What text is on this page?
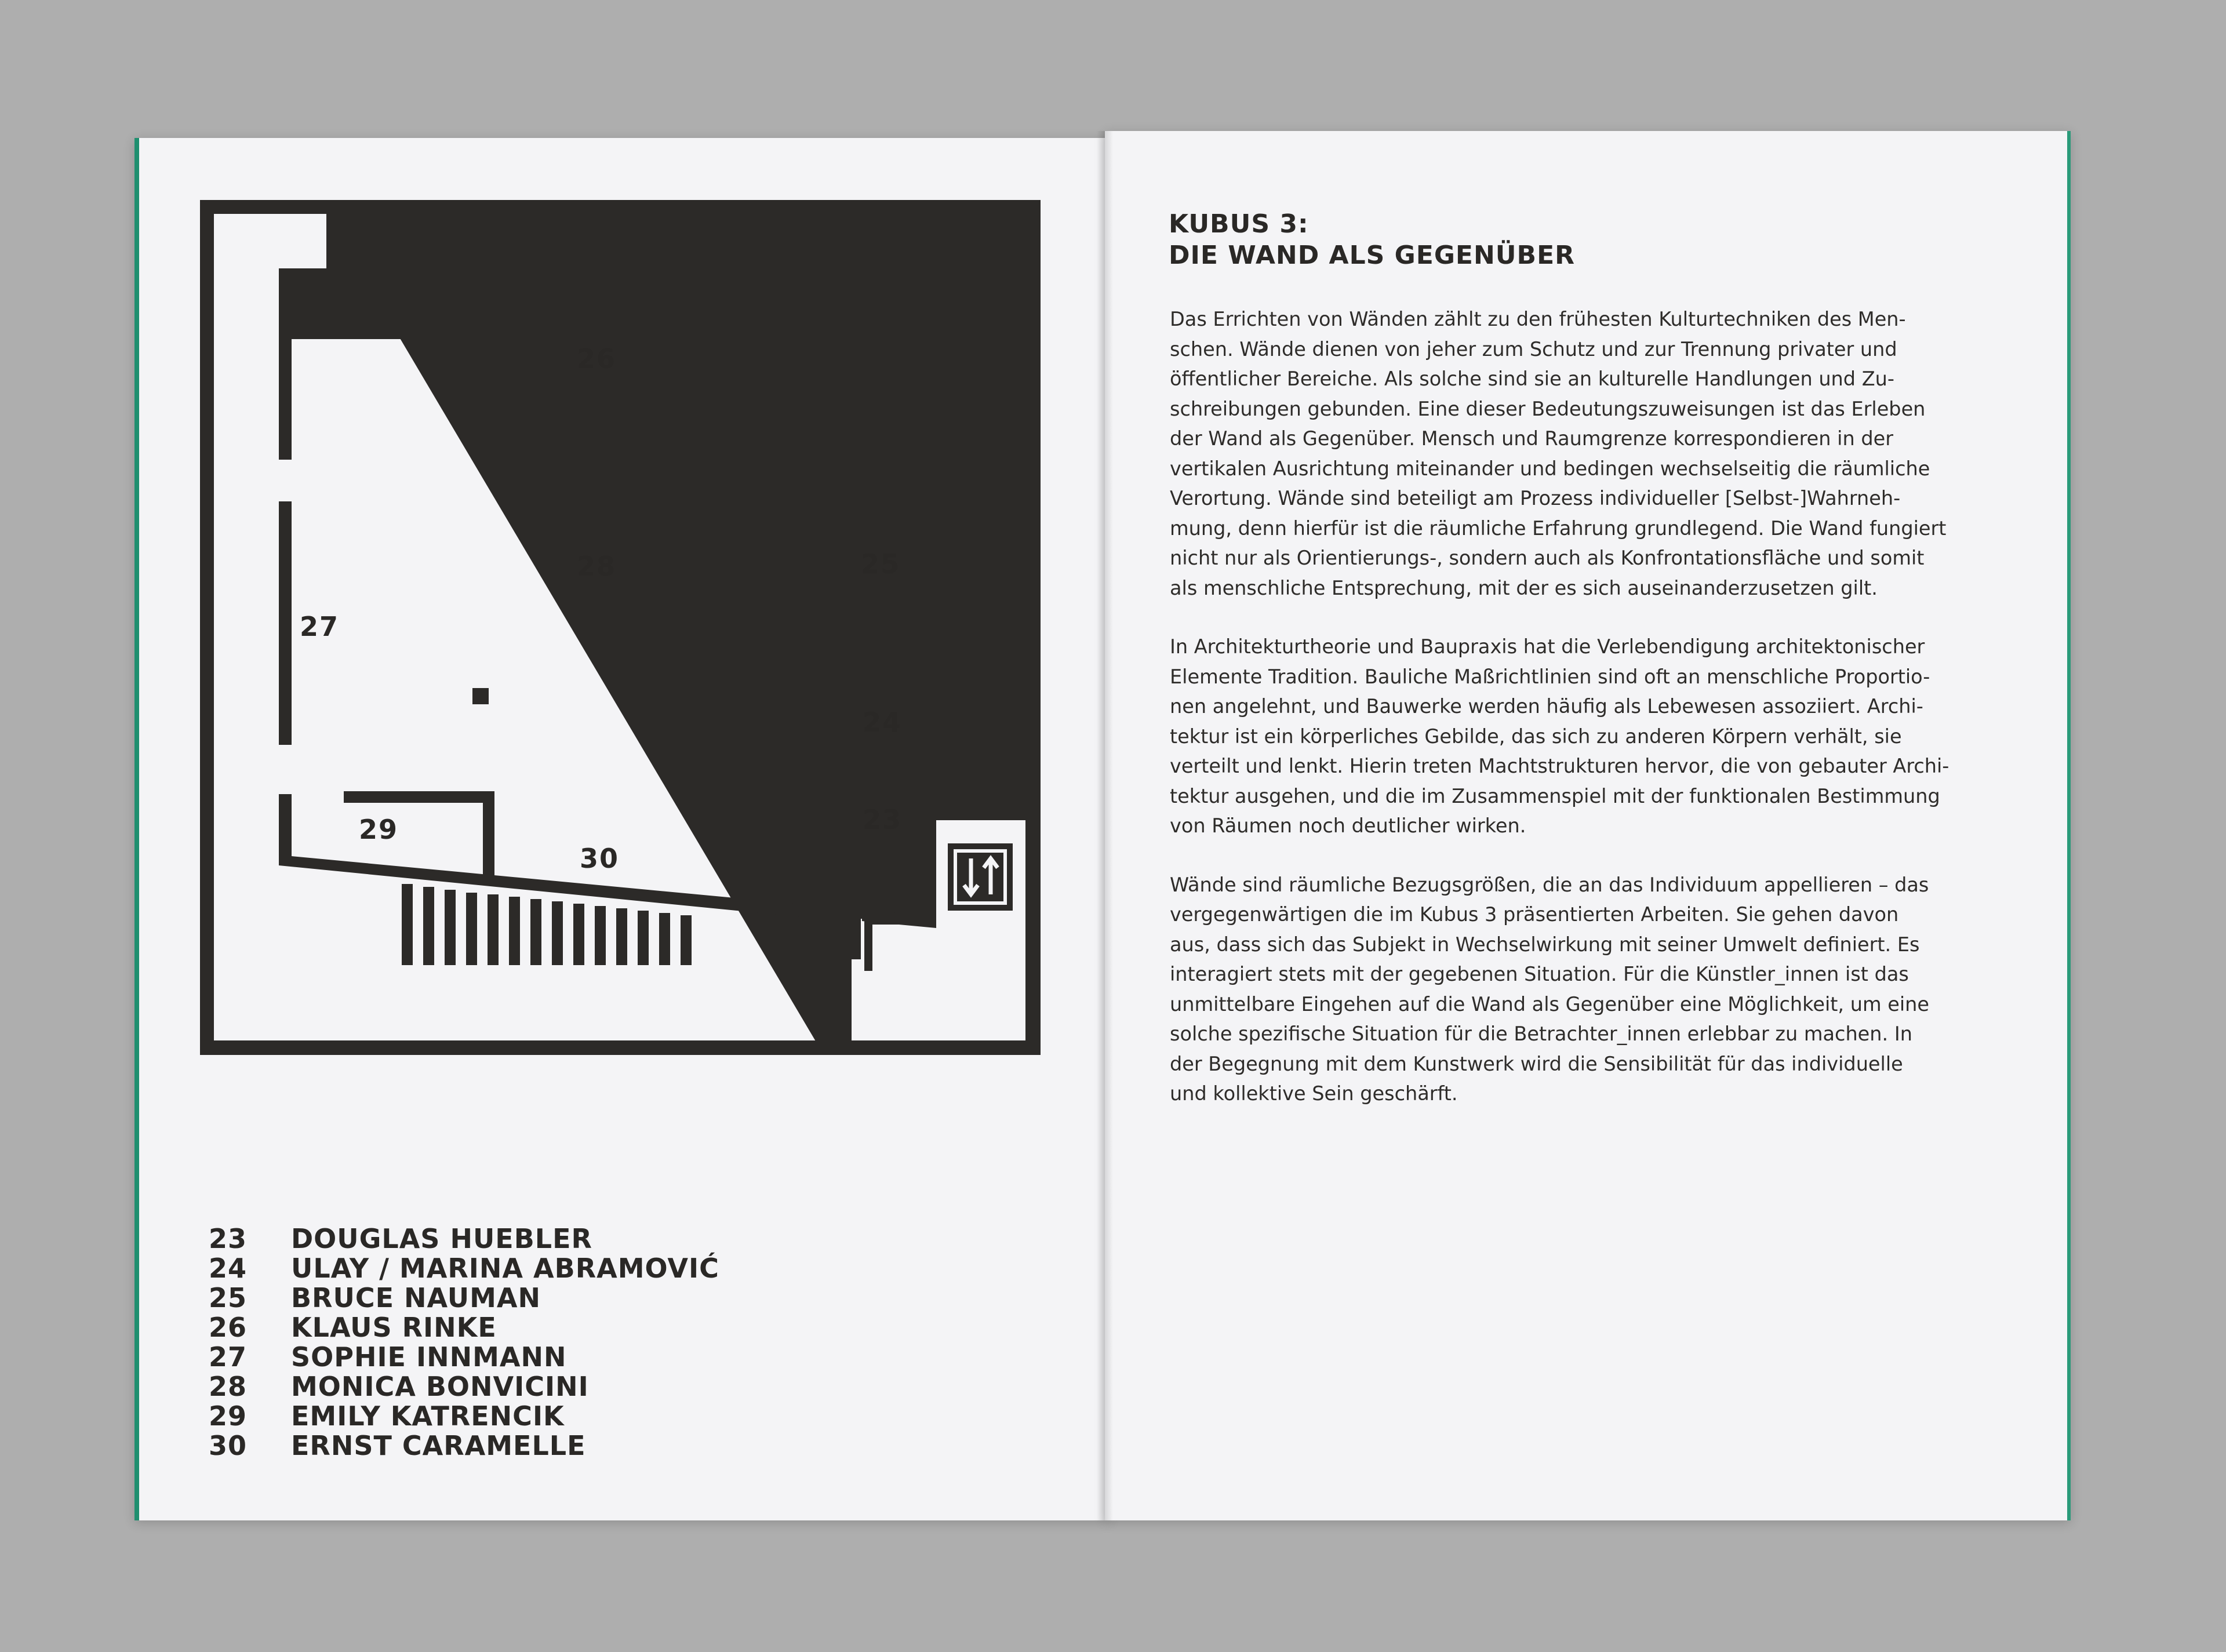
26
28	25
27
24
23
29
30
23	DOUGLAS HUEBLER
24	ULAY / MARINA ABRAMOVIĆ
25	BRUCE NAUMAN
26	KLAUS RINKE
27	SOPHIE INNMANN
28	MONICA BONVICINI
29	EMILY KATRENCIK
30	ERNST CARAMELLE
KUBUS 3:
DIE WAND ALS GEGENÜBER

Das Errichten von Wänden zählt zu den frühesten Kulturtechniken des Men-
schen. Wände dienen von jeher zum Schutz und zur Trennung privater und
öffentlicher Bereiche. Als solche sind sie an kulturelle Handlungen und Zu-
schreibungen gebunden. Eine dieser Bedeutungszuweisungen ist das Erleben
der Wand als Gegenüber. Mensch und Raumgrenze korrespondieren in der
vertikalen Ausrichtung miteinander und bedingen wechselseitig die räumliche
Verortung. Wände sind beteiligt am Prozess individueller [Selbst-]Wahrneh-
mung, denn hierfür ist die räumliche Erfahrung grundlegend. Die Wand fungiert
nicht nur als Orientierungs-, sondern auch als Konfrontationsfläche und somit
als menschliche Entsprechung, mit der es sich auseinanderzusetzen gilt.

In Architekturtheorie und Baupraxis hat die Verlebendigung architektonischer
Elemente Tradition. Bauliche Maßrichtlinien sind oft an menschliche Proportio-
nen angelehnt, und Bauwerke werden häufig als Lebewesen assoziiert. Archi-
tektur ist ein körperliches Gebilde, das sich zu anderen Körpern verhält, sie
verteilt und lenkt. Hierin treten Machtstrukturen hervor, die von gebauter Archi-
tektur ausgehen, und die im Zusammenspiel mit der funktionalen Bestimmung
von Räumen noch deutlicher wirken.

Wände sind räumliche Bezugsgrößen, die an das Individuum appellieren – das
vergegenwärtigen die im Kubus 3 präsentierten Arbeiten. Sie gehen davon
aus, dass sich das Subjekt in Wechselwirkung mit seiner Umwelt definiert. Es
interagiert stets mit der gegebenen Situation. Für die Künstler_innen ist das
unmittelbare Eingehen auf die Wand als Gegenüber eine Möglichkeit, um eine
solche spezifische Situation für die Betrachter_innen erlebbar zu machen. In
der Begegnung mit dem Kunstwerk wird die Sensibilität für das individuelle
und kollektive Sein geschärft.
